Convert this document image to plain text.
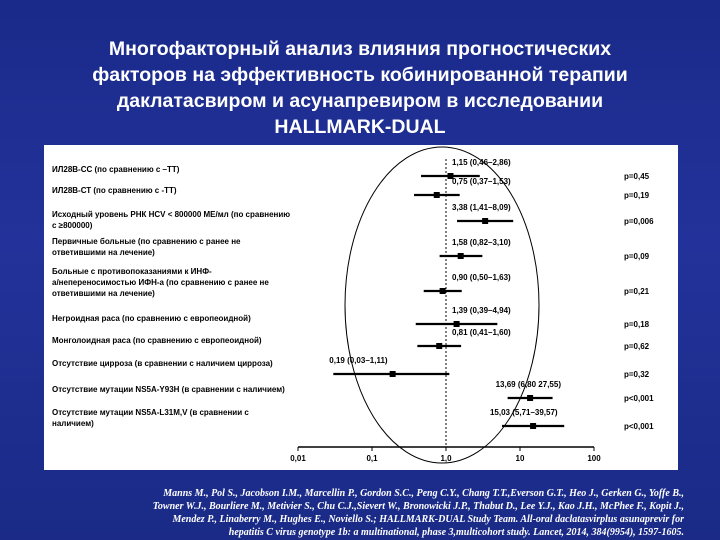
Многофакторный анализ влияния прогностических
факторов на эффективность кобинированной терапии
даклатасвиром и асунапревиром в исследовании
HALLMARK-DUAL
0,01	0,1	1,0	10	100
ИЛ28В-СС (по сравнению с –ТТ)
1,15 (0,46–2,86)
p=0,45
ИЛ28В-СТ (по сравнению с -ТТ)
0,75 (0,37–1,53)
p=0,19
Исходный уровень РНК HCV < 800000 МЕ/мл (по сравнению
с ≥800000)
3,38 (1,41–8,09)
p=0,006
Первичные больные (по сравнению с ранее не
ответившими на лечение)
1,58 (0,82–3,10)
p=0,09
Больные с противопоказаниями к ИНФ-
а/непереносимостью ИФН-а (по сравнению с ранее не
ответившими на лечение)
0,90 (0,50–1,63)
p=0,21
Негроидная раса (по сравнению с европеоидной)
1,39 (0,39–4,94)
p=0,18
Монголоидная раса (по сравнению с европеоидной)
0,81 (0,41–1,60)
p=0,62
Отсутствие цирроза (в сравнении с наличием цирроза)	0,19 (0,03–1,11)
p=0,32
Отсутствие мутации NS5A-Y93H (в сравнении с наличием)
13,69 (6,80 27,55)
p<0,001
Отсутствие мутации NS5A-L31M,V (в сравнении с
наличием)
15,03 (5,71–39,57)
p<0,001
Manns M., Pol S., Jacobson I.M., Marcellin P., Gordon S.C., Peng C.Y., Chang T.T.,Everson G.T., Heo J., Gerken G., Yoffe B.,
Towner W.J., Bourliere M., Metivier S., Chu C.J.,Sievert W., Bronowicki J.P., Thabut D., Lee Y.J., Kao J.H., McPhee F., Kopit J.,
Mendez P., Linaberry M., Hughes E., Noviello S.; HALLMARK-DUAL Study Team. All-oral daclatasvirplus asunaprevir for
hepatitis C virus genotype 1b: a multinational, phase 3,multicohort study. Lancet, 2014, 384(9954), 1597-1605.
